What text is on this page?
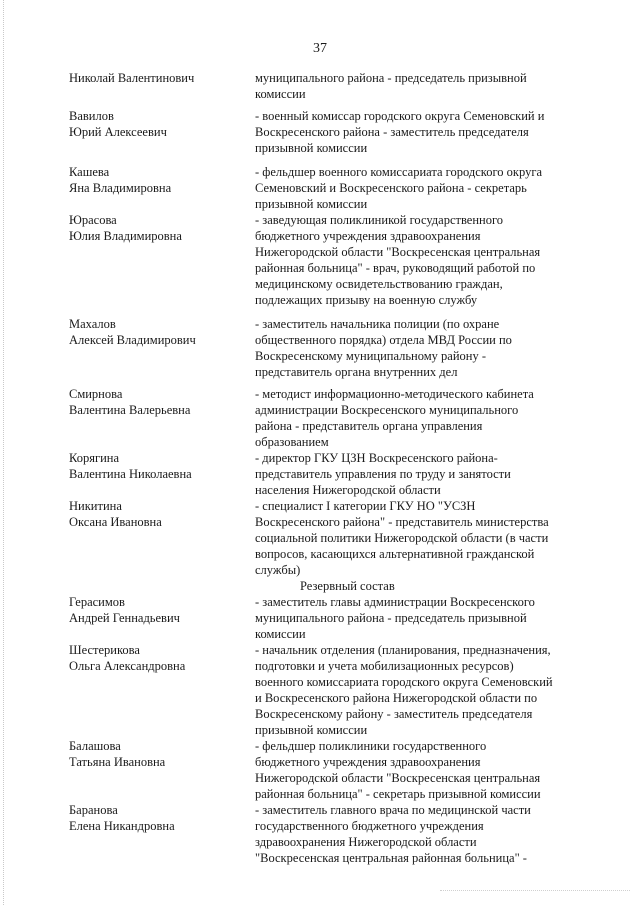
37
Николай Валентинович	муниципального района - председатель призывной
комиссии
Вавилов
Юрий Алексеевич
- военный комиссар городского округа Семеновский и
Воскресенского района - заместитель председателя
призывной комиссии
Кашева
Яна Владимировна
- фельдшер военного комиссариата городского округа
Семеновский и Воскресенского района - секретарь
призывной комиссии
Юрасова
Юлия Владимировна
- заведующая поликлиникой государственного
бюджетного учреждения здравоохранения
Нижегородской области "Воскресенская центральная
районная больница" - врач, руководящий работой по
медицинскому освидетельствованию граждан,
подлежащих призыву на военную службу
Махалов
Алексей Владимирович
- заместитель начальника полиции (по охране
общественного порядка) отдела МВД России по
Воскресенскому муниципальному району -
представитель органа внутренних дел
Смирнова
Валентина Валерьевна
- методист информационно-методического кабинета
администрации Воскресенского муниципального
района - представитель органа управления
образованием
Корягина
Валентина Николаевна
- директор ГКУ ЦЗН Воскресенского района-
представитель управления по труду и занятости
населения Нижегородской области
Никитина
Оксана Ивановна
- специалист I категории ГКУ НО "УСЗН
Воскресенского района" - представитель министерства
социальной политики Нижегородской области (в части
вопросов, касающихся альтернативной гражданской
службы)
Резервный состав
Герасимов
Андрей Геннадьевич
- заместитель главы администрации Воскресенского
муниципального района - председатель призывной
комиссии
Шестерикова
Ольга Александровна
- начальник отделения (планирования, предназначения,
подготовки и учета мобилизационных ресурсов)
военного комиссариата городского округа Семеновский
и Воскресенского района Нижегородской области по
Воскресенскому району - заместитель председателя
призывной комиссии
Балашова
Татьяна Ивановна
- фельдшер поликлиники государственного
бюджетного учреждения здравоохранения
Нижегородской области "Воскресенская центральная
районная больница" - секретарь призывной комиссии
Баранова
Елена Никандровна
- заместитель главного врача по медицинской части
государственного бюджетного учреждения
здравоохранения Нижегородской области
"Воскресенская центральная районная больница" -
